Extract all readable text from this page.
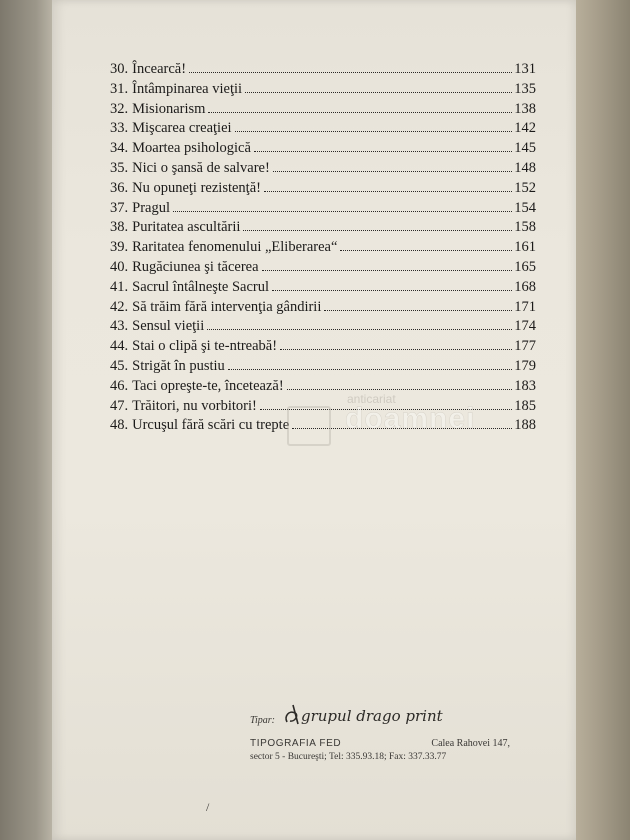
30. Încearcă!	131
31. Întâmpinarea vieţii	135
32. Misionarism	138
33. Mişcarea creaţiei	142
34. Moartea psihologică	145
35. Nici o şansă de salvare!	148
36. Nu opuneţi rezistenţă!	152
37. Pragul	154
38. Puritatea ascultării	158
39. Raritatea fenomenului „Eliberarea“	161
40. Rugăciunea şi tăcerea	165
41. Sacrul întâlneşte Sacrul	168
42. Să trăim fără intervenţia gândirii	171
43. Sensul vieţii	174
44. Stai o clipă şi te-ntreabă!	177
45. Strigăt în pustiu	179
46. Taci opreşte-te, încetează!	183
47. Trăitori, nu vorbitori!	185
48. Urcuşul fără scări cu trepte	188
anticariat
doamnei
Tipar: grupul drago print
TIPOGRAFIA FED	Calea Rahovei 147,
sector 5 - Bucureşti; Tel: 335.93.18; Fax: 337.33.77
/
